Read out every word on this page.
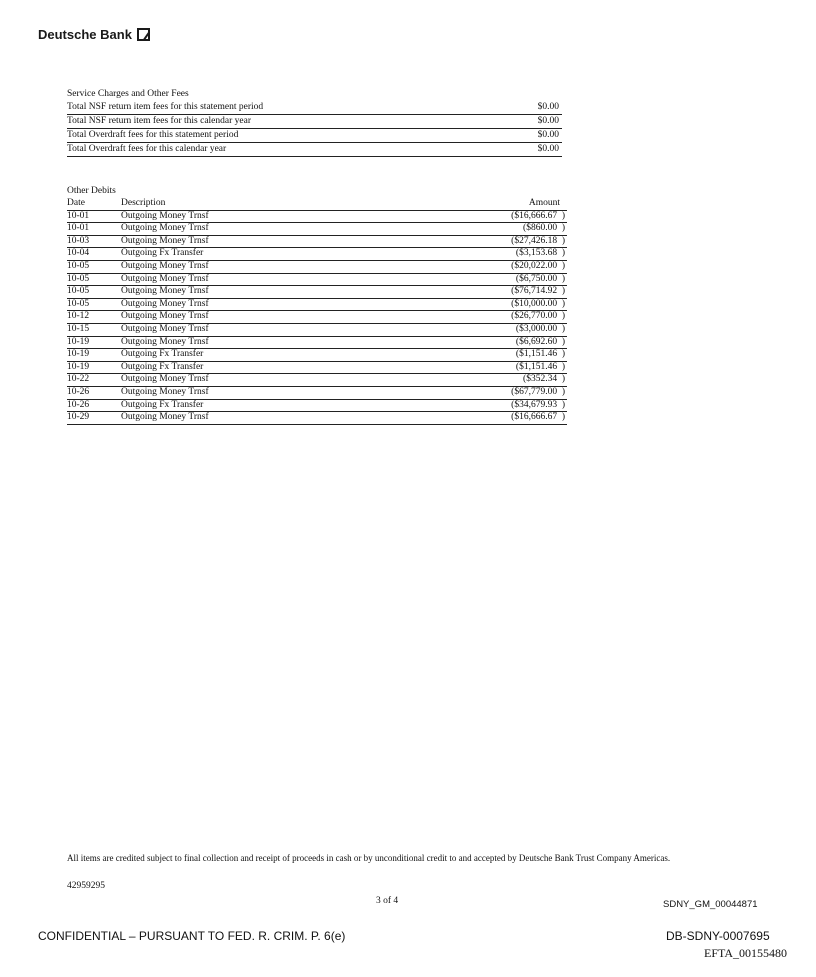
Deutsche Bank
Service Charges and Other Fees
Total NSF return item fees for this statement period	$0.00
Total NSF return item fees for this calendar year	$0.00
Total Overdraft fees for this statement period	$0.00
Total Overdraft fees for this calendar year	$0.00
Other Debits
Date	Description	Amount
10-01	Outgoing Money Trnsf	($16,666.67  )
10-01	Outgoing Money Trnsf	($860.00  )
10-03	Outgoing Money Trnsf	($27,426.18  )
10-04	Outgoing Fx Transfer	($3,153.68  )
10-05	Outgoing Money Trnsf	($20,022.00  )
10-05	Outgoing Money Trnsf	($6,750.00  )
10-05	Outgoing Money Trnsf	($76,714.92  )
10-05	Outgoing Money Trnsf	($10,000.00  )
10-12	Outgoing Money Trnsf	($26,770.00  )
10-15	Outgoing Money Trnsf	($3,000.00  )
10-19	Outgoing Money Trnsf	($6,692.60  )
10-19	Outgoing Fx Transfer	($1,151.46  )
10-19	Outgoing Fx Transfer	($1,151.46  )
10-22	Outgoing Money Trnsf	($352.34  )
10-26	Outgoing Money Trnsf	($67,779.00  )
10-26	Outgoing Fx Transfer	($34,679.93  )
10-29	Outgoing Money Trnsf	($16,666.67  )
All items are credited subject to final collection and receipt of proceeds in cash or by unconditional credit to and accepted by Deutsche Bank Trust Company Americas.
42959295
3 of 4	SDNY_GM_00044871
CONFIDENTIAL – PURSUANT TO FED. R. CRIM. P. 6(e)	DB-SDNY-0007695
EFTA_00155480
